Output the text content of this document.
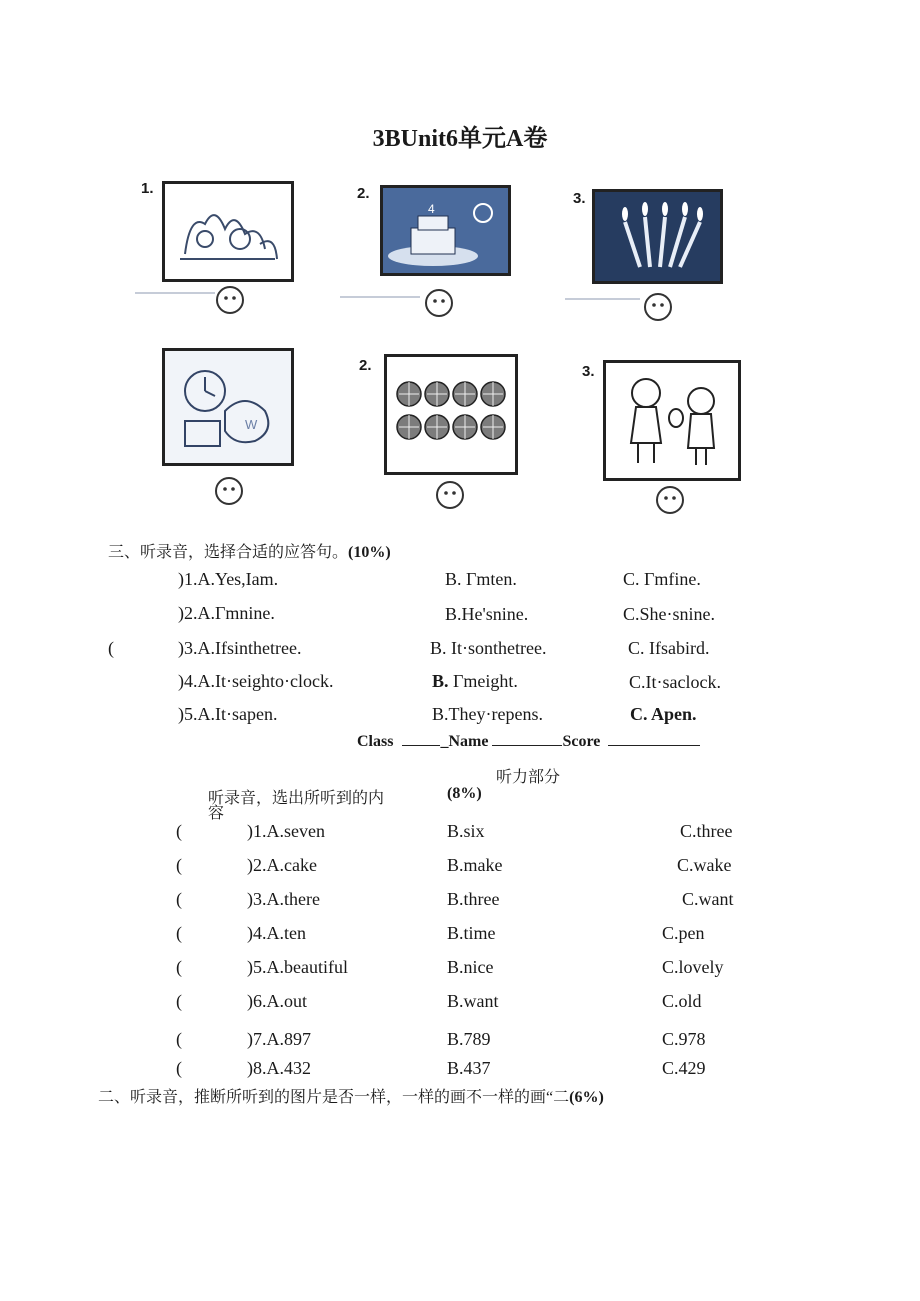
3BUnit6单元A卷
1.	2.
4
3.
W
2.	3.
三、听录音，选择合适的应答句。(10%)
)1.A.Yes,Iam.	B. Γmten.	C. Γmfine.
)2.A.Γmnine.	B.He'snine.	C.She·snine.
(	)3.A.Ifsinthetree.	B. It·sonthetree.	C. Ifsabird.
)4.A.It·seighto·clock.	B. Γmeight.	C.It·saclock.
)5.A.It·sapen.	B.They·repens.	C. Apen.
Class	_Name	Score
听力部分
听录音，选出所听到的内
容
(8%)
(	)1.A.seven	B.six	C.three
(	)2.A.cake	B.make	C.wake
(	)3.A.there	B.three	C.want
(	)4.A.ten	B.time	C.pen
(	)5.A.beautiful	B.nice	C.lovely
(	)6.A.out	B.want	C.old
(	)7.A.897	B.789	C.978
(	)8.A.432	B.437	C.429
二、听录音，推断所听到的图片是否一样，一样的画不一样的画“二(6%)
